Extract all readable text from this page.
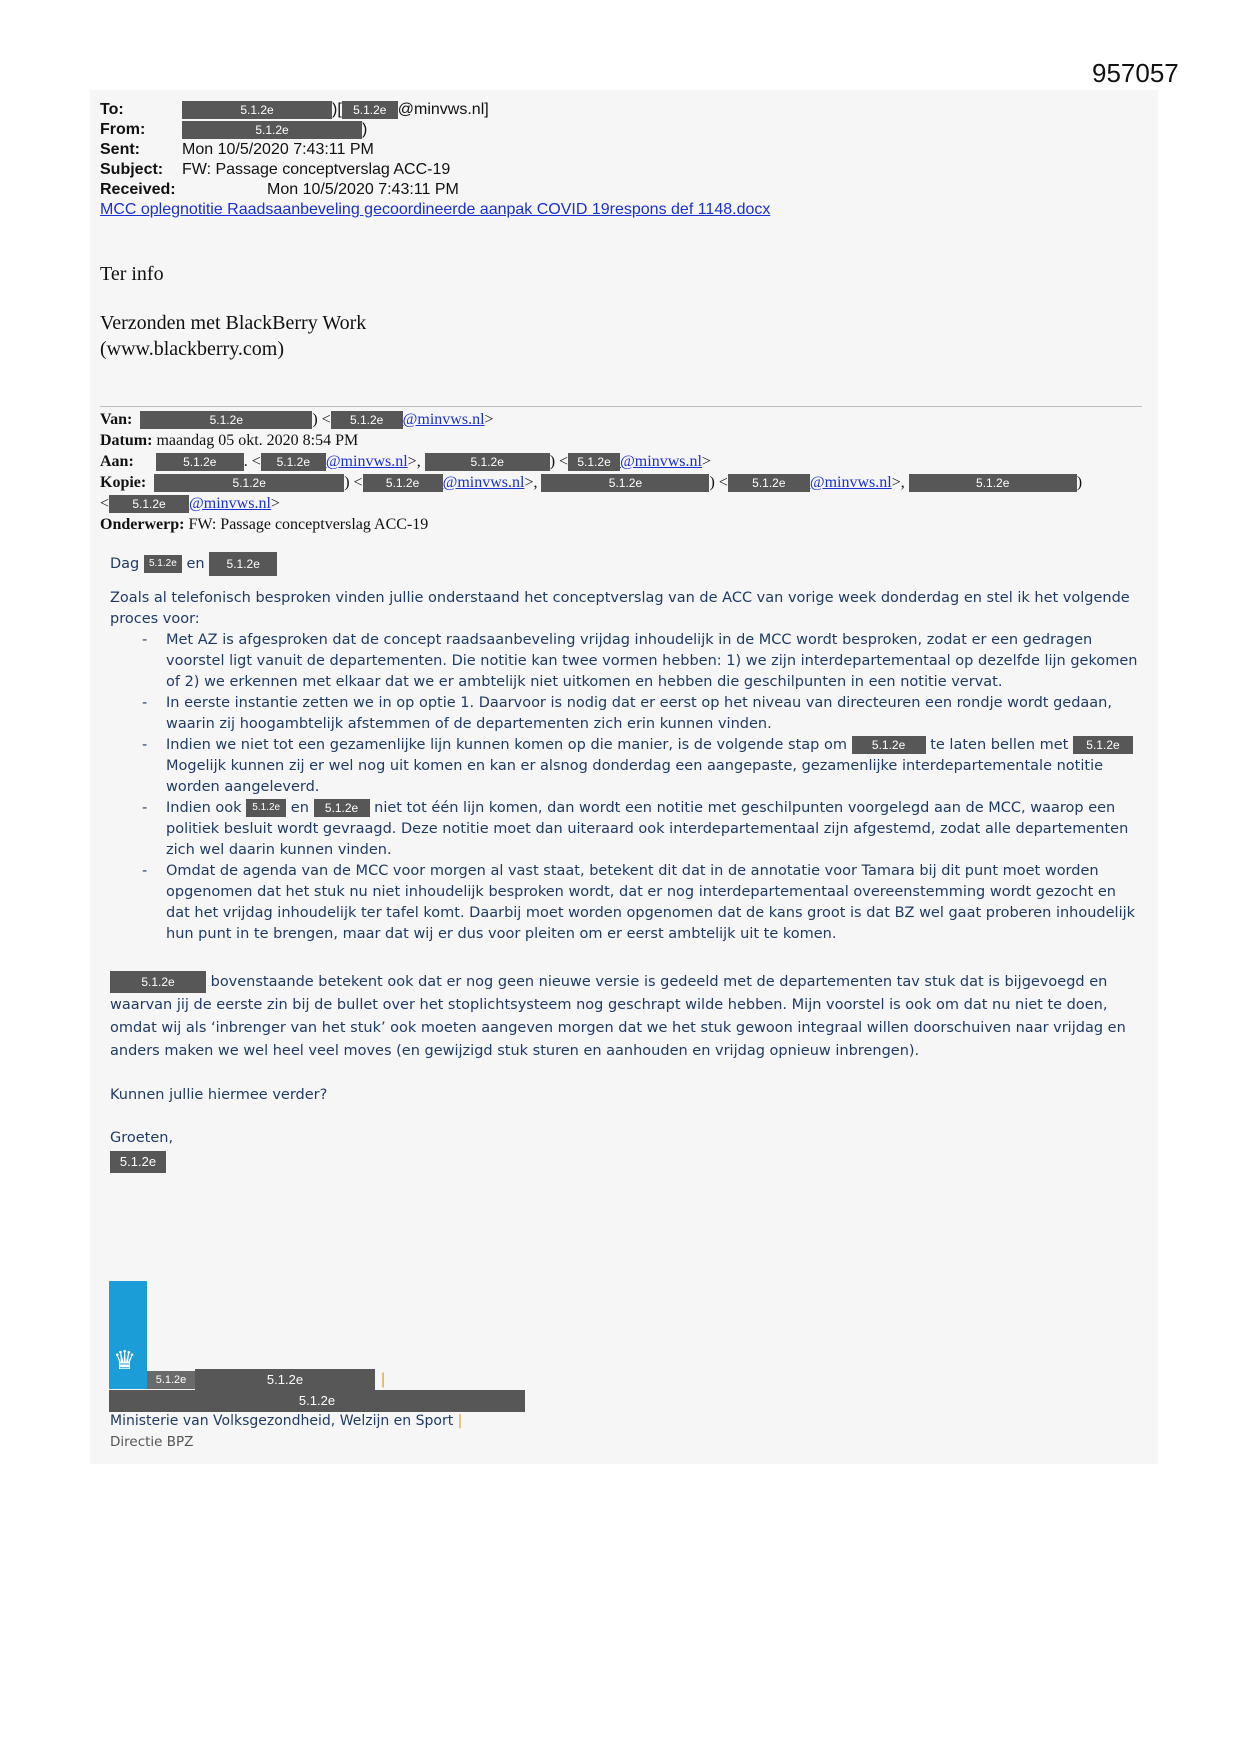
957057
To:	5.1.2e	)[ 5.1.2e @minvws.nl]
From:	5.1.2e	)
Sent:	Mon 10/5/2020 7:43:11 PM
Subject: FW: Passage conceptverslag ACC-19
Received:	Mon 10/5/2020 7:43:11 PM
MCC oplegnotitie Raadsaanbeveling gecoordineerde aanpak COVID 19respons def 1148.docx
Ter info
Verzonden met BlackBerry Work
(www.blackberry.com)
Van:	5.1.2e	) < 5.1.2e @minvws.nl>
Datum: maandag 05 okt. 2020 8:54 PM
Aan:	5.1.2e . < 5.1.2e @minvws.nl>,	5.1.2e	) < 5.1.2e @minvws.nl>
Kopie:	5.1.2e	) < 5.1.2e @minvws.nl>,	5.1.2e	) < 5.1.2e @minvws.nl>,	5.1.2e	)
< 5.1.2e @minvws.nl>
Onderwerp: FW: Passage conceptverslag ACC-19

Dag 5.1.2e en 5.1.2e

Zoals al telefonisch besproken vinden jullie onderstaand het conceptverslag van de ACC van vorige week donderdag en stel ik het volgende proces voor:

- Met AZ is afgesproken dat de concept raadsaanbeveling vrijdag inhoudelijk in de MCC wordt besproken, zodat er een gedragen voorstel ligt vanuit de departementen. Die notitie kan twee vormen hebben: 1) we zijn interdepartementaal op dezelfde lijn gekomen of 2) we erkennen met elkaar dat we er ambtelijk niet uitkomen en hebben die geschilpunten in een notitie vervat.
- In eerste instantie zetten we in op optie 1. Daarvoor is nodig dat er eerst op het niveau van directeuren een rondje wordt gedaan, waarin zij hoogambtelijk afstemmen of de departementen zich erin kunnen vinden.
- Indien we niet tot een gezamenlijke lijn kunnen komen op die manier, is de volgende stap om 5.1.2e te laten bellen met 5.1.2e Mogelijk kunnen zij er wel nog uit komen en kan er alsnog donderdag een aangepaste, gezamenlijke interdepartementale notitie worden aangeleverd.
- Indien ook 5.1.2e en 5.1.2e niet tot één lijn komen, dan wordt een notitie met geschilpunten voorgelegd aan de MCC, waarop een politiek besluit wordt gevraagd. Deze notitie moet dan uiteraard ook interdepartementaal zijn afgestemd, zodat alle departementen zich wel daarin kunnen vinden.
- Omdat de agenda van de MCC voor morgen al vast staat, betekent dit dat in de annotatie voor Tamara bij dit punt moet worden opgenomen dat het stuk nu niet inhoudelijk besproken wordt, dat er nog interdepartementaal overeenstemming wordt gezocht en dat het vrijdag inhoudelijk ter tafel komt. Daarbij moet worden opgenomen dat de kans groot is dat BZ wel gaat proberen inhoudelijk hun punt in te brengen, maar dat wij er dus voor pleiten om er eerst ambtelijk uit te komen.

5.1.2e bovenstaande betekent ook dat er nog geen nieuwe versie is gedeeld met de departementen tav stuk dat is bijgevoegd en waarvan jij de eerste zin bij de bullet over het stoplichtsysteem nog geschrapt wilde hebben. Mijn voorstel is ook om dat nu niet te doen, omdat wij als ‘inbrenger van het stuk’ ook moeten aangeven morgen dat we het stuk gewoon integraal willen doorschuiven naar vrijdag en anders maken we wel heel veel moves (en gewijzigd stuk sturen en aanhouden en vrijdag opnieuw inbrengen).

Kunnen jullie hiermee verder?

Groeten,

5.1.2e

♛
5.1.2e	5.1.2e	|
5.1.2e
Ministerie van Volksgezondheid, Welzijn en Sport |
Directie BPZ
